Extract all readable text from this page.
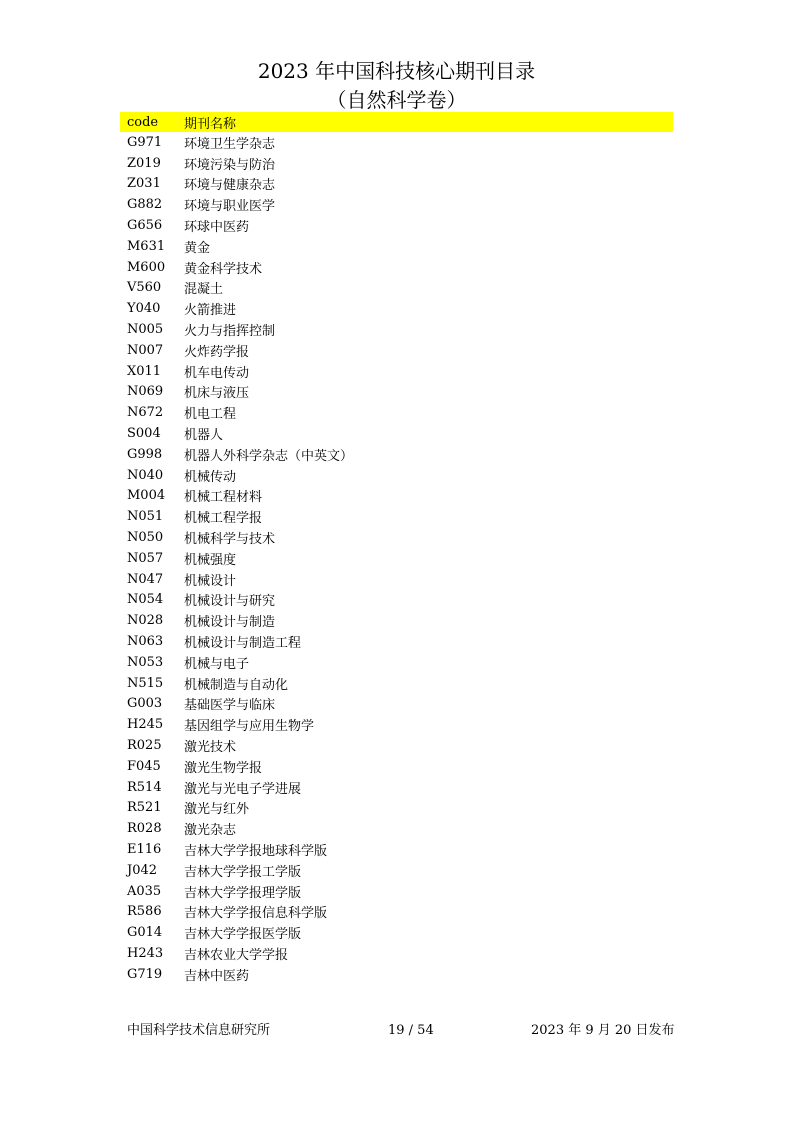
2023 年中国科技核心期刊目录
（自然科学卷）
code	期刊名称
G971	环境卫生学杂志
Z019	环境污染与防治
Z031	环境与健康杂志
G882	环境与职业医学
G656	环球中医药
M631	黄金
M600	黄金科学技术
V560	混凝土
Y040	火箭推进
N005	火力与指挥控制
N007	火炸药学报
X011	机车电传动
N069	机床与液压
N672	机电工程
S004	机器人
G998	机器人外科学杂志（中英文）
N040	机械传动
M004	机械工程材料
N051	机械工程学报
N050	机械科学与技术
N057	机械强度
N047	机械设计
N054	机械设计与研究
N028	机械设计与制造
N063	机械设计与制造工程
N053	机械与电子
N515	机械制造与自动化
G003	基础医学与临床
H245	基因组学与应用生物学
R025	激光技术
F045	激光生物学报
R514	激光与光电子学进展
R521	激光与红外
R028	激光杂志
E116	吉林大学学报地球科学版
J042	吉林大学学报工学版
A035	吉林大学学报理学版
R586	吉林大学学报信息科学版
G014	吉林大学学报医学版
H243	吉林农业大学学报
G719	吉林中医药
中国科学技术信息研究所	19 / 54	2023 年 9 月 20 日发布
